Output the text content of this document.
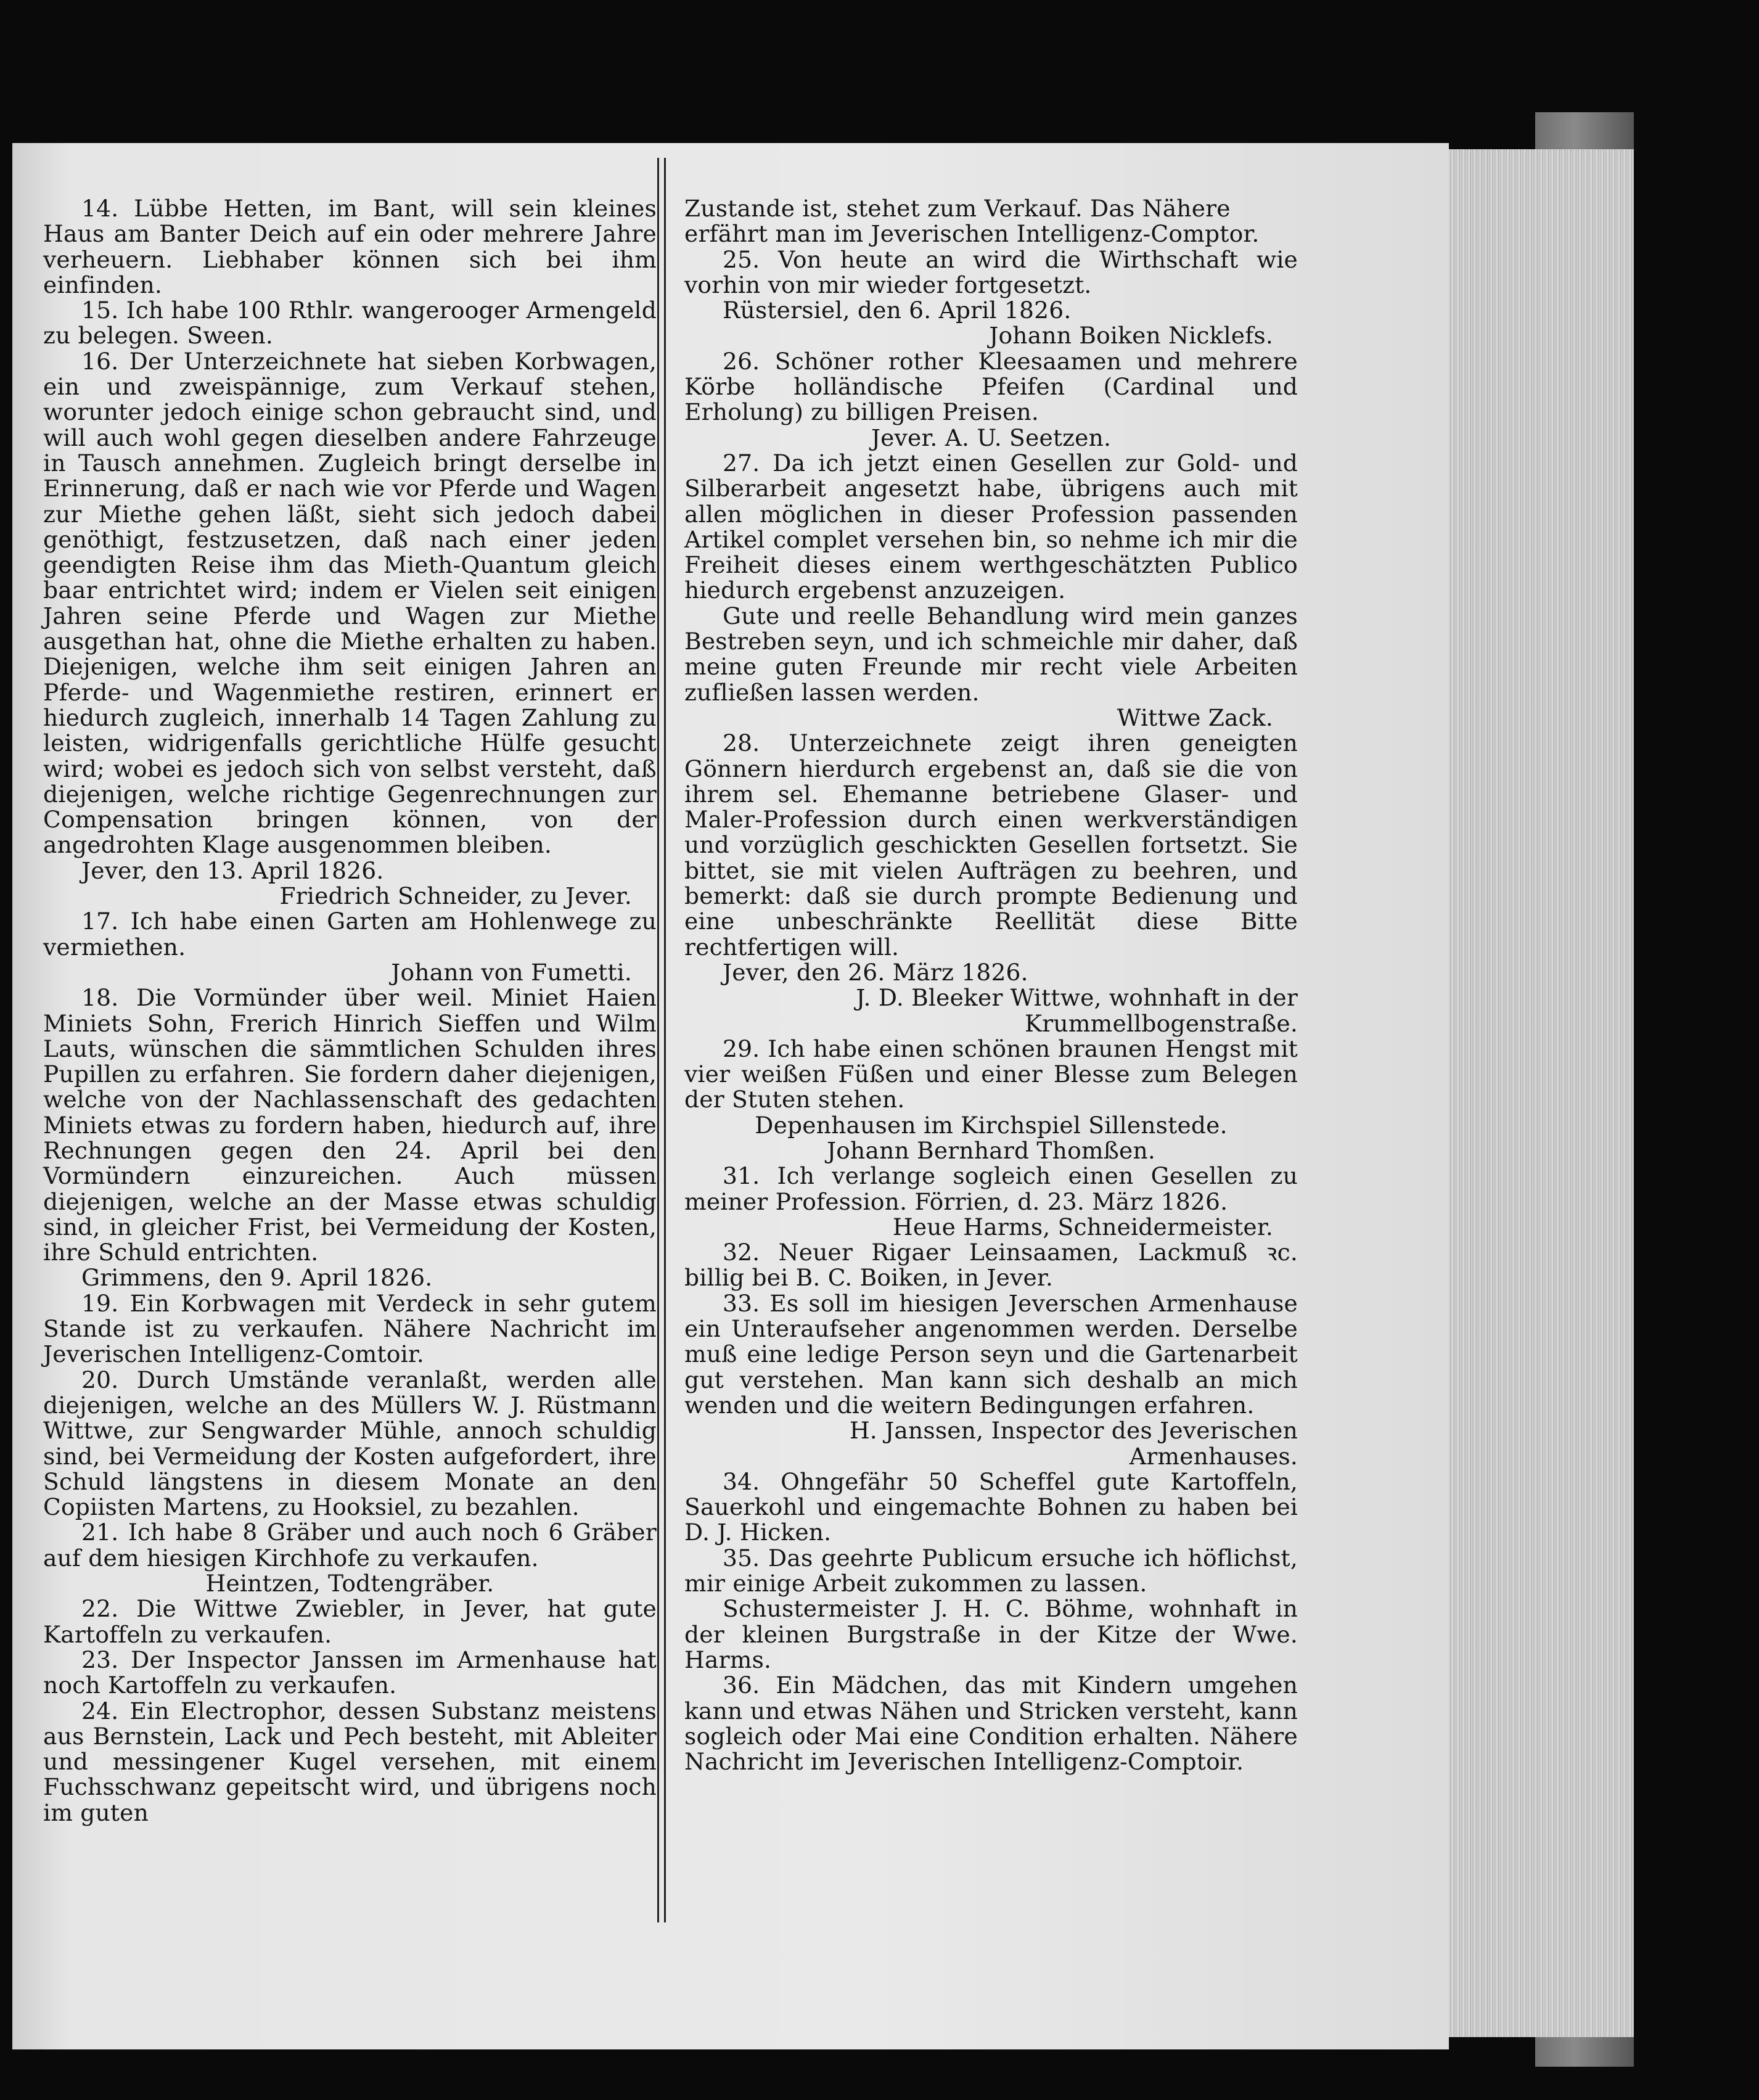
14. Lübbe Hetten, im Bant, will sein kleines Haus am Banter Deich auf ein oder mehrere Jahre verheuern. Liebhaber können sich bei ihm einfinden.

15. Ich habe 100 Rthlr. wangerooger Armengeld zu belegen. Sween.

16. Der Unterzeichnete hat sieben Korbwagen, ein und zweispännige, zum Verkauf stehen, worunter jedoch einige schon gebraucht sind, und will auch wohl gegen dieselben andere Fahrzeuge in Tausch annehmen. Zugleich bringt derselbe in Erinnerung, daß er nach wie vor Pferde und Wagen zur Miethe gehen läßt, sieht sich jedoch dabei genöthigt, festzusetzen, daß nach einer jeden geendigten Reise ihm das Mieth-Quantum gleich baar entrichtet wird; indem er Vielen seit einigen Jahren seine Pferde und Wagen zur Miethe ausgethan hat, ohne die Miethe erhalten zu haben. Diejenigen, welche ihm seit einigen Jahren an Pferde- und Wagenmiethe restiren, erinnert er hiedurch zugleich, innerhalb 14 Tagen Zahlung zu leisten, widrigenfalls gerichtliche Hülfe gesucht wird; wobei es jedoch sich von selbst versteht, daß diejenigen, welche richtige Gegenrechnungen zur Compensation bringen können, von der angedrohten Klage ausgenommen bleiben.

Jever, den 13. April 1826.

Friedrich Schneider, zu Jever.

17. Ich habe einen Garten am Hohlenwege zu vermiethen.

Johann von Fumetti.

18. Die Vormünder über weil. Miniet Haien Miniets Sohn, Frerich Hinrich Sieffen und Wilm Lauts, wünschen die sämmtlichen Schulden ihres Pupillen zu erfahren. Sie fordern daher diejenigen, welche von der Nachlassenschaft des gedachten Miniets etwas zu fordern haben, hiedurch auf, ihre Rechnungen gegen den 24. April bei den Vormündern einzureichen. Auch müssen diejenigen, welche an der Masse etwas schuldig sind, in gleicher Frist, bei Vermeidung der Kosten, ihre Schuld entrichten.

Grimmens, den 9. April 1826.

19. Ein Korbwagen mit Verdeck in sehr gutem Stande ist zu verkaufen. Nähere Nachricht im Jeverischen Intelligenz-Comtoir.

20. Durch Umstände veranlaßt, werden alle diejenigen, welche an des Müllers W. J. Rüstmann Wittwe, zur Sengwarder Mühle, annoch schuldig sind, bei Vermeidung der Kosten aufgefordert, ihre Schuld längstens in diesem Monate an den Copiisten Martens, zu Hooksiel, zu bezahlen.

21. Ich habe 8 Gräber und auch noch 6 Gräber auf dem hiesigen Kirchhofe zu verkaufen.

Heintzen, Todtengräber.

22. Die Wittwe Zwiebler, in Jever, hat gute Kartoffeln zu verkaufen.

23. Der Inspector Janssen im Armenhause hat noch Kartoffeln zu verkaufen.

24. Ein Electrophor, dessen Substanz meistens aus Bernstein, Lack und Pech besteht, mit Ableiter und messingener Kugel versehen, mit einem Fuchsschwanz gepeitscht wird, und übrigens noch im guten

Zustande ist, stehet zum Verkauf. Das Nähere erfährt man im Jeverischen Intelligenz-Comptor.

25. Von heute an wird die Wirthschaft wie vorhin von mir wieder fortgesetzt.

Rüstersiel, den 6. April 1826.

Johann Boiken Nicklefs.

26. Schöner rother Kleesaamen und mehrere Körbe holländische Pfeifen (Cardinal und Erholung) zu billigen Preisen.

Jever. A. U. Seetzen.

27. Da ich jetzt einen Gesellen zur Gold- und Silberarbeit angesetzt habe, übrigens auch mit allen möglichen in dieser Profession passenden Artikel complet versehen bin, so nehme ich mir die Freiheit dieses einem werthgeschätzten Publico hiedurch ergebenst anzuzeigen.

Gute und reelle Behandlung wird mein ganzes Bestreben seyn, und ich schmeichle mir daher, daß meine guten Freunde mir recht viele Arbeiten zufließen lassen werden.

Wittwe Zack.

28. Unterzeichnete zeigt ihren geneigten Gönnern hierdurch ergebenst an, daß sie die von ihrem sel. Ehemanne betriebene Glaser- und Maler-Profession durch einen werkverständigen und vorzüglich geschickten Gesellen fortsetzt. Sie bittet, sie mit vielen Aufträgen zu beehren, und bemerkt: daß sie durch prompte Bedienung und eine unbeschränkte Reellität diese Bitte rechtfertigen will.

Jever, den 26. März 1826.

J. D. Bleeker Wittwe, wohnhaft in der Krummellbogenstraße.

29. Ich habe einen schönen braunen Hengst mit vier weißen Füßen und einer Blesse zum Belegen der Stuten stehen.

Depenhausen im Kirchspiel Sillenstede.

Johann Bernhard Thomßen.

31. Ich verlange sogleich einen Gesellen zu meiner Profession. Förrien, d. 23. März 1826.

Heue Harms, Schneidermeister.

32. Neuer Rigaer Leinsaamen, Lackmuß ꝛc. billig bei B. C. Boiken, in Jever.

33. Es soll im hiesigen Jeverschen Armenhause ein Unteraufseher angenommen werden. Derselbe muß eine ledige Person seyn und die Gartenarbeit gut verstehen. Man kann sich deshalb an mich wenden und die weitern Bedingungen erfahren.

H. Janssen, Inspector des Jeverischen Armenhauses.

34. Ohngefähr 50 Scheffel gute Kartoffeln, Sauerkohl und eingemachte Bohnen zu haben bei D. J. Hicken.

35. Das geehrte Publicum ersuche ich höflichst, mir einige Arbeit zukommen zu lassen.

Schustermeister J. H. C. Böhme, wohnhaft in der kleinen Burgstraße in der Kitze der Wwe. Harms.

36. Ein Mädchen, das mit Kindern umgehen kann und etwas Nähen und Stricken versteht, kann sogleich oder Mai eine Condition erhalten. Nähere Nachricht im Jeverischen Intelligenz-Comptoir.
